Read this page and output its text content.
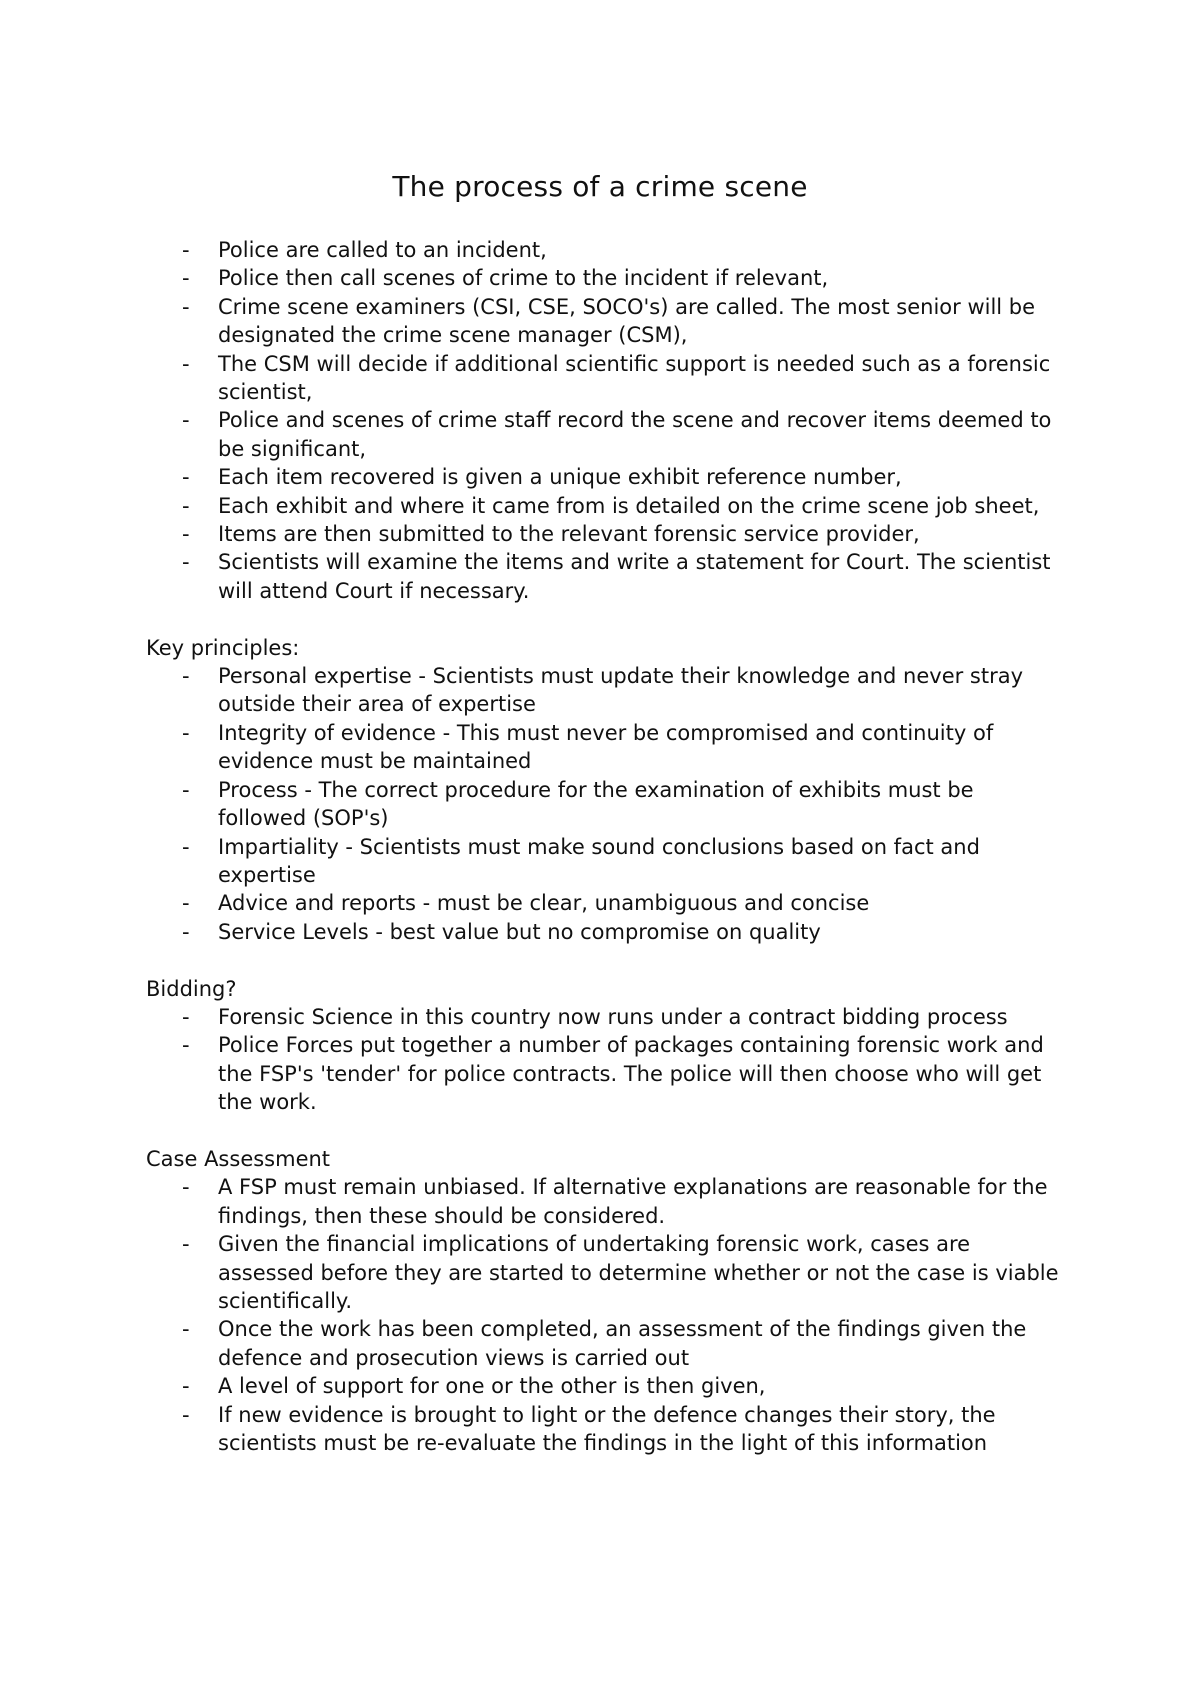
The process of a crime scene
- Police are called to an incident,
- Police then call scenes of crime to the incident if relevant,
- Crime scene examiners (CSI, CSE, SOCO's) are called. The most senior will be designated the crime scene manager (CSM),
- The CSM will decide if additional scientific support is needed such as a forensic scientist,
- Police and scenes of crime staff record the scene and recover items deemed to be significant,
- Each item recovered is given a unique exhibit reference number,
- Each exhibit and where it came from is detailed on the crime scene job sheet,
- Items are then submitted to the relevant forensic service provider,
- Scientists will examine the items and write a statement for Court. The scientist will attend Court if necessary.

Key principles:

- Personal expertise - Scientists must update their knowledge and never stray outside their area of expertise
- Integrity of evidence - This must never be compromised and continuity of evidence must be maintained
- Process - The correct procedure for the examination of exhibits must be followed (SOP's)
- Impartiality - Scientists must make sound conclusions based on fact and expertise
- Advice and reports - must be clear, unambiguous and concise
- Service Levels - best value but no compromise on quality

Bidding?

- Forensic Science in this country now runs under a contract bidding process
- Police Forces put together a number of packages containing forensic work and the FSP's 'tender' for police contracts. The police will then choose who will get the work.

Case Assessment

- A FSP must remain unbiased. If alternative explanations are reasonable for the findings, then these should be considered.
- Given the financial implications of undertaking forensic work, cases are assessed before they are started to determine whether or not the case is viable scientifically.
- Once the work has been completed, an assessment of the findings given the defence and prosecution views is carried out
- A level of support for one or the other is then given,
- If new evidence is brought to light or the defence changes their story, the scientists must be re-evaluate the findings in the light of this information
